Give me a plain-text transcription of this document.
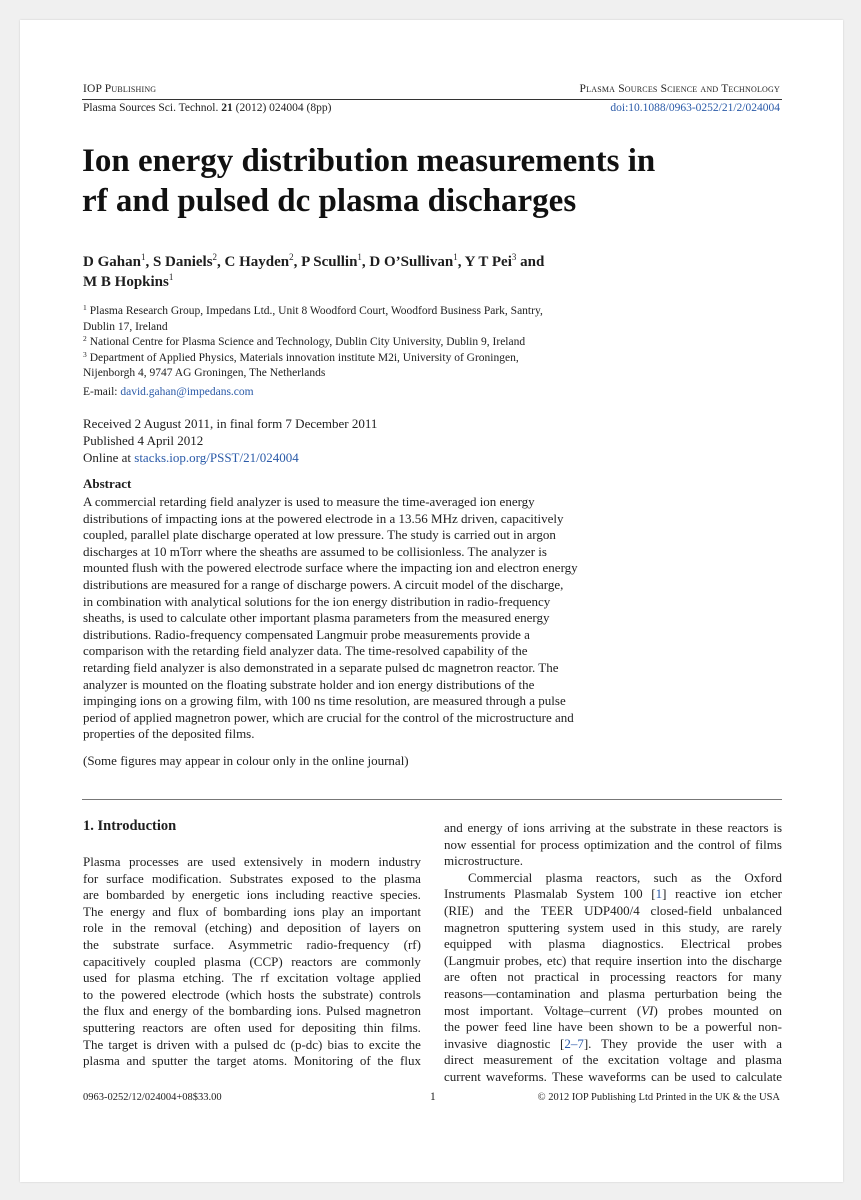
IOP Publishing	Plasma Sources Science and Technology
Plasma Sources Sci. Technol. 21 (2012) 024004 (8pp)	doi:10.1088/0963-0252/21/2/024004
Ion energy distribution measurements in
rf and pulsed dc plasma discharges
D Gahan$^1$, S Daniels$^2$, C Hayden$^2$, P Scullin$^1$, D O’Sullivan$^1$, Y T Pei$^3$ and
M B Hopkins$^1$
$^1$ Plasma Research Group, Impedans Ltd., Unit 8 Woodford Court, Woodford Business Park, Santry,
Dublin 17, Ireland
$^2$ National Centre for Plasma Science and Technology, Dublin City University, Dublin 9, Ireland
$^3$ Department of Applied Physics, Materials innovation institute M2i, University of Groningen,
Nijenborgh 4, 9747 AG Groningen, The Netherlands
E-mail: david.gahan@impedans.com
Received 2 August 2011, in final form 7 December 2011
Published 4 April 2012
Online at stacks.iop.org/PSST/21/024004
Abstract
A commercial retarding field analyzer is used to measure the time-averaged ion energy
distributions of impacting ions at the powered electrode in a 13.56 MHz driven, capacitively
coupled, parallel plate discharge operated at low pressure. The study is carried out in argon
discharges at 10 mTorr where the sheaths are assumed to be collisionless. The analyzer is
mounted flush with the powered electrode surface where the impacting ion and electron energy
distributions are measured for a range of discharge powers. A circuit model of the discharge,
in combination with analytical solutions for the ion energy distribution in radio-frequency
sheaths, is used to calculate other important plasma parameters from the measured energy
distributions. Radio-frequency compensated Langmuir probe measurements provide a
comparison with the retarding field analyzer data. The time-resolved capability of the
retarding field analyzer is also demonstrated in a separate pulsed dc magnetron reactor. The
analyzer is mounted on the floating substrate holder and ion energy distributions of the
impinging ions on a growing film, with 100 ns time resolution, are measured through a pulse
period of applied magnetron power, which are crucial for the control of the microstructure and
properties of the deposited films.
(Some figures may appear in colour only in the online journal)
1. Introduction
Plasma processes are used extensively in modern industry
for surface modification. Substrates exposed to the plasma
are bombarded by energetic ions including reactive species.
The energy and flux of bombarding ions play an important
role in the removal (etching) and deposition of layers on
the substrate surface. Asymmetric radio-frequency (rf)
capacitively coupled plasma (CCP) reactors are commonly
used for plasma etching. The rf excitation voltage applied
to the powered electrode (which hosts the substrate) controls
the flux and energy of the bombarding ions. Pulsed magnetron
sputtering reactors are often used for depositing thin films.
The target is driven with a pulsed dc (p-dc) bias to excite the
plasma and sputter the target atoms. Monitoring of the flux
and energy of ions arriving at the substrate in these reactors is
now essential for process optimization and the control of films
microstructure.
Commercial plasma reactors, such as the Oxford
Instruments Plasmalab System 100 [1] reactive ion etcher
(RIE) and the TEER UDP400/4 closed-field unbalanced
magnetron sputtering system used in this study, are rarely
equipped with plasma diagnostics. Electrical probes
(Langmuir probes, etc) that require insertion into the discharge
are often not practical in processing reactors for many
reasons—contamination and plasma perturbation being the
most important. Voltage–current (VI) probes mounted on
the power feed line have been shown to be a powerful non-
invasive diagnostic [2–7]. They provide the user with a
direct measurement of the excitation voltage and plasma
current waveforms. These waveforms can be used to calculate
0963-0252/12/024004+08$33.00	1	© 2012 IOP Publishing Ltd Printed in the UK & the USA
